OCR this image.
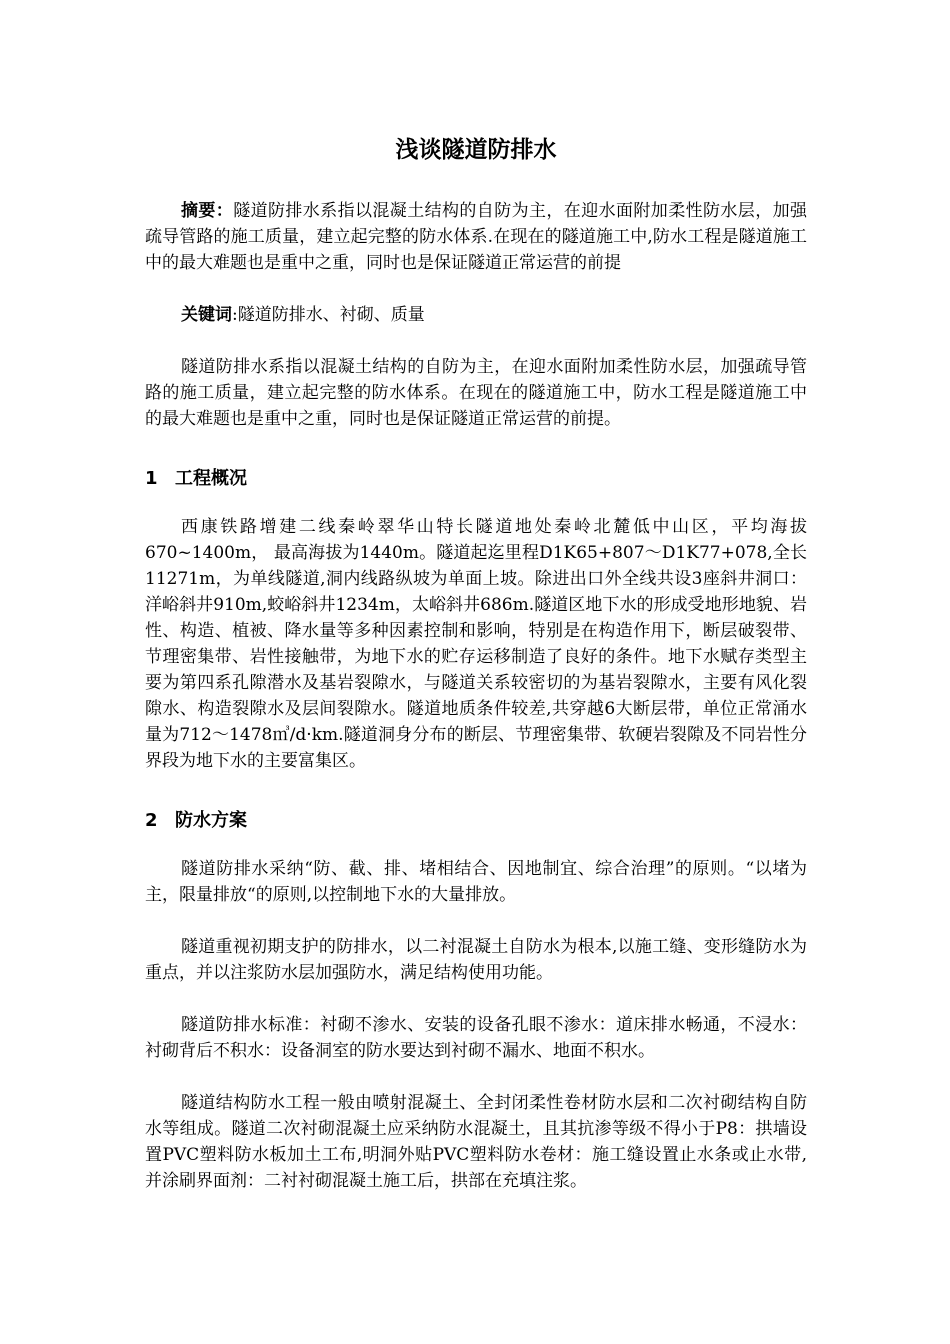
浅谈隧道防排水

摘要：隧道防排水系指以混凝土结构的自防为主，在迎水面附加柔性防水层，加强疏导管路的施工质量，建立起完整的防水体系.在现在的隧道施工中,防水工程是隧道施工中的最大难题也是重中之重，同时也是保证隧道正常运营的前提

关键词:隧道防排水、衬砌、质量

隧道防排水系指以混凝土结构的自防为主，在迎水面附加柔性防水层，加强疏导管路的施工质量，建立起完整的防水体系。在现在的隧道施工中，防水工程是隧道施工中的最大难题也是重中之重，同时也是保证隧道正常运营的前提。

1 工程概况

西康铁路增建二线秦岭翠华山特长隧道地处秦岭北麓低中山区，平均海拔670~1400m， 最高海拔为1440m。隧道起迄里程D1K65+807～D1K77+078,全长11271m，为单线隧道,洞内线路纵坡为单面上坡。除进出口外全线共设3座斜井洞口：洋峪斜井910m,蛟峪斜井1234m，太峪斜井686m.隧道区地下水的形成受地形地貌、岩性、构造、植被、降水量等多种因素控制和影响，特别是在构造作用下，断层破裂带、节理密集带、岩性接触带，为地下水的贮存运移制造了良好的条件。地下水赋存类型主要为第四系孔隙潜水及基岩裂隙水，与隧道关系较密切的为基岩裂隙水，主要有风化裂隙水、构造裂隙水及层间裂隙水。隧道地质条件较差,共穿越6大断层带，单位正常涌水量为712～1478㎥/d·km.隧道洞身分布的断层、节理密集带、软硬岩裂隙及不同岩性分界段为地下水的主要富集区。

2 防水方案

隧道防排水采纳“防、截、排、堵相结合、因地制宜、综合治理”的原则。“以堵为主，限量排放“的原则,以控制地下水的大量排放。

隧道重视初期支护的防排水，以二衬混凝土自防水为根本,以施工缝、变形缝防水为重点，并以注浆防水层加强防水，满足结构使用功能。

隧道防排水标准：衬砌不渗水、安装的设备孔眼不渗水：道床排水畅通，不浸水：衬砌背后不积水：设备洞室的防水要达到衬砌不漏水、地面不积水。

隧道结构防水工程一般由喷射混凝土、全封闭柔性卷材防水层和二次衬砌结构自防水等组成。隧道二次衬砌混凝土应采纳防水混凝土，且其抗渗等级不得小于P8：拱墙设置PVC塑料防水板加土工布,明洞外贴PVC塑料防水卷材：施工缝设置止水条或止水带,并涂刷界面剂：二衬衬砌混凝土施工后，拱部在充填注浆。
